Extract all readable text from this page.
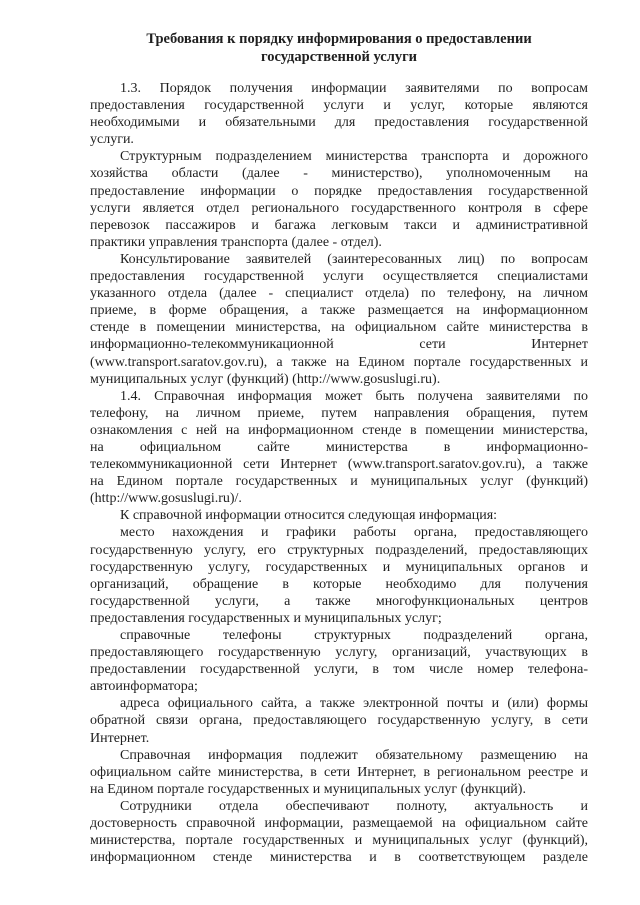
Требования к порядку информирования о предоставлении
государственной услуги
1.3. Порядок получения информации заявителями по вопросам
предоставления государственной услуги и услуг, которые являются
необходимыми и обязательными для предоставления государственной
услуги.
Структурным подразделением министерства транспорта и дорожного
хозяйства области (далее - министерство), уполномоченным на
предоставление информации о порядке предоставления государственной
услуги является отдел регионального государственного контроля в сфере
перевозок пассажиров и багажа легковым такси и административной
практики управления транспорта (далее - отдел).
Консультирование заявителей (заинтересованных лиц) по вопросам
предоставления государственной услуги осуществляется специалистами
указанного отдела (далее - специалист отдела) по телефону, на личном
приеме, в форме обращения, а также размещается на информационном
стенде в помещении министерства, на официальном сайте министерства в
информационно-телекоммуникационной сети Интернет
(www.transport.saratov.gov.ru), а также на Едином портале государственных и
муниципальных услуг (функций) (http://www.gosuslugi.ru).
1.4. Справочная информация может быть получена заявителями по
телефону, на личном приеме, путем направления обращения, путем
ознакомления с ней на информационном стенде в помещении министерства,
на официальном сайте министерства в информационно-
телекоммуникационной сети Интернет (www.transport.saratov.gov.ru), а также
на Едином портале государственных и муниципальных услуг (функций)
(http://www.gosuslugi.ru)/.
К справочной информации относится следующая информация:
место нахождения и графики работы органа, предоставляющего
государственную услугу, его структурных подразделений, предоставляющих
государственную услугу, государственных и муниципальных органов и
организаций, обращение в которые необходимо для получения
государственной услуги, а также многофункциональных центров
предоставления государственных и муниципальных услуг;
справочные телефоны структурных подразделений органа,
предоставляющего государственную услугу, организаций, участвующих в
предоставлении государственной услуги, в том числе номер телефона-
автоинформатора;
адреса официального сайта, а также электронной почты и (или) формы
обратной связи органа, предоставляющего государственную услугу, в сети
Интернет.
Справочная информация подлежит обязательному размещению на
официальном сайте министерства, в сети Интернет, в региональном реестре и
на Едином портале государственных и муниципальных услуг (функций).
Сотрудники отдела обеспечивают полноту, актуальность и
достоверность справочной информации, размещаемой на официальном сайте
министерства, портале государственных и муниципальных услуг (функций),
информационном стенде министерства и в соответствующем разделе
